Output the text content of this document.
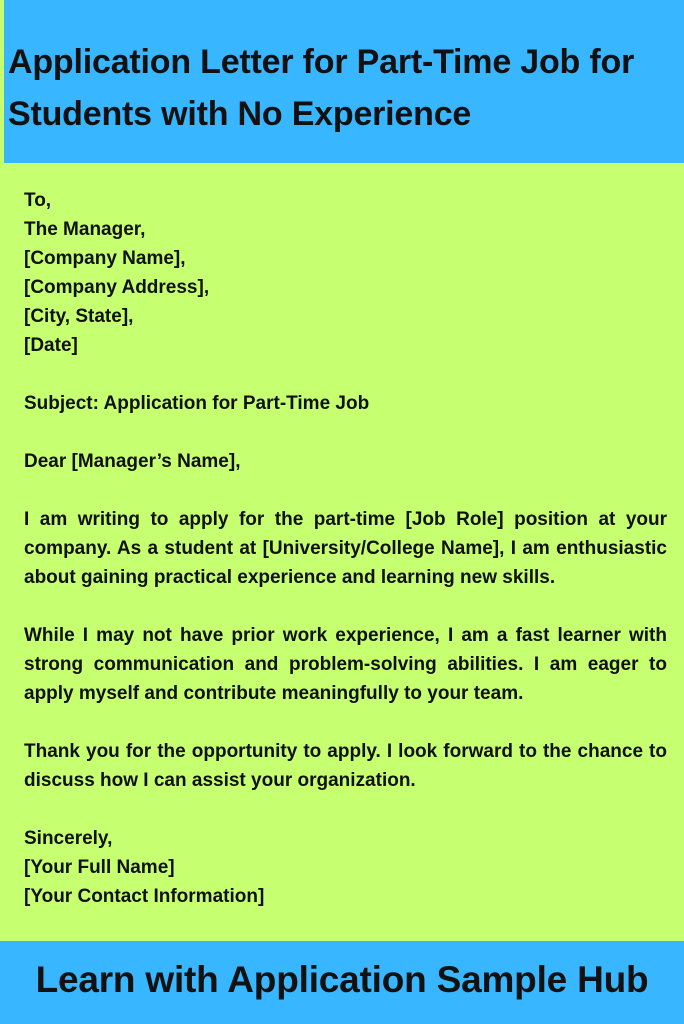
Application Letter for Part-Time Job for Students with No Experience
To,
The Manager,
[Company Name],
[Company Address],
[City, State],
[Date]

Subject: Application for Part-Time Job

Dear [Manager’s Name],

I am writing to apply for the part-time [Job Role] position at your company. As a student at [University/College Name], I am enthusiastic about gaining practical experience and learning new skills.

While I may not have prior work experience, I am a fast learner with strong communication and problem-solving abilities. I am eager to apply myself and contribute meaningfully to your team.

Thank you for the opportunity to apply. I look forward to the chance to discuss how I can assist your organization.

Sincerely,
[Your Full Name]
[Your Contact Information]

Learn with Application Sample Hub
